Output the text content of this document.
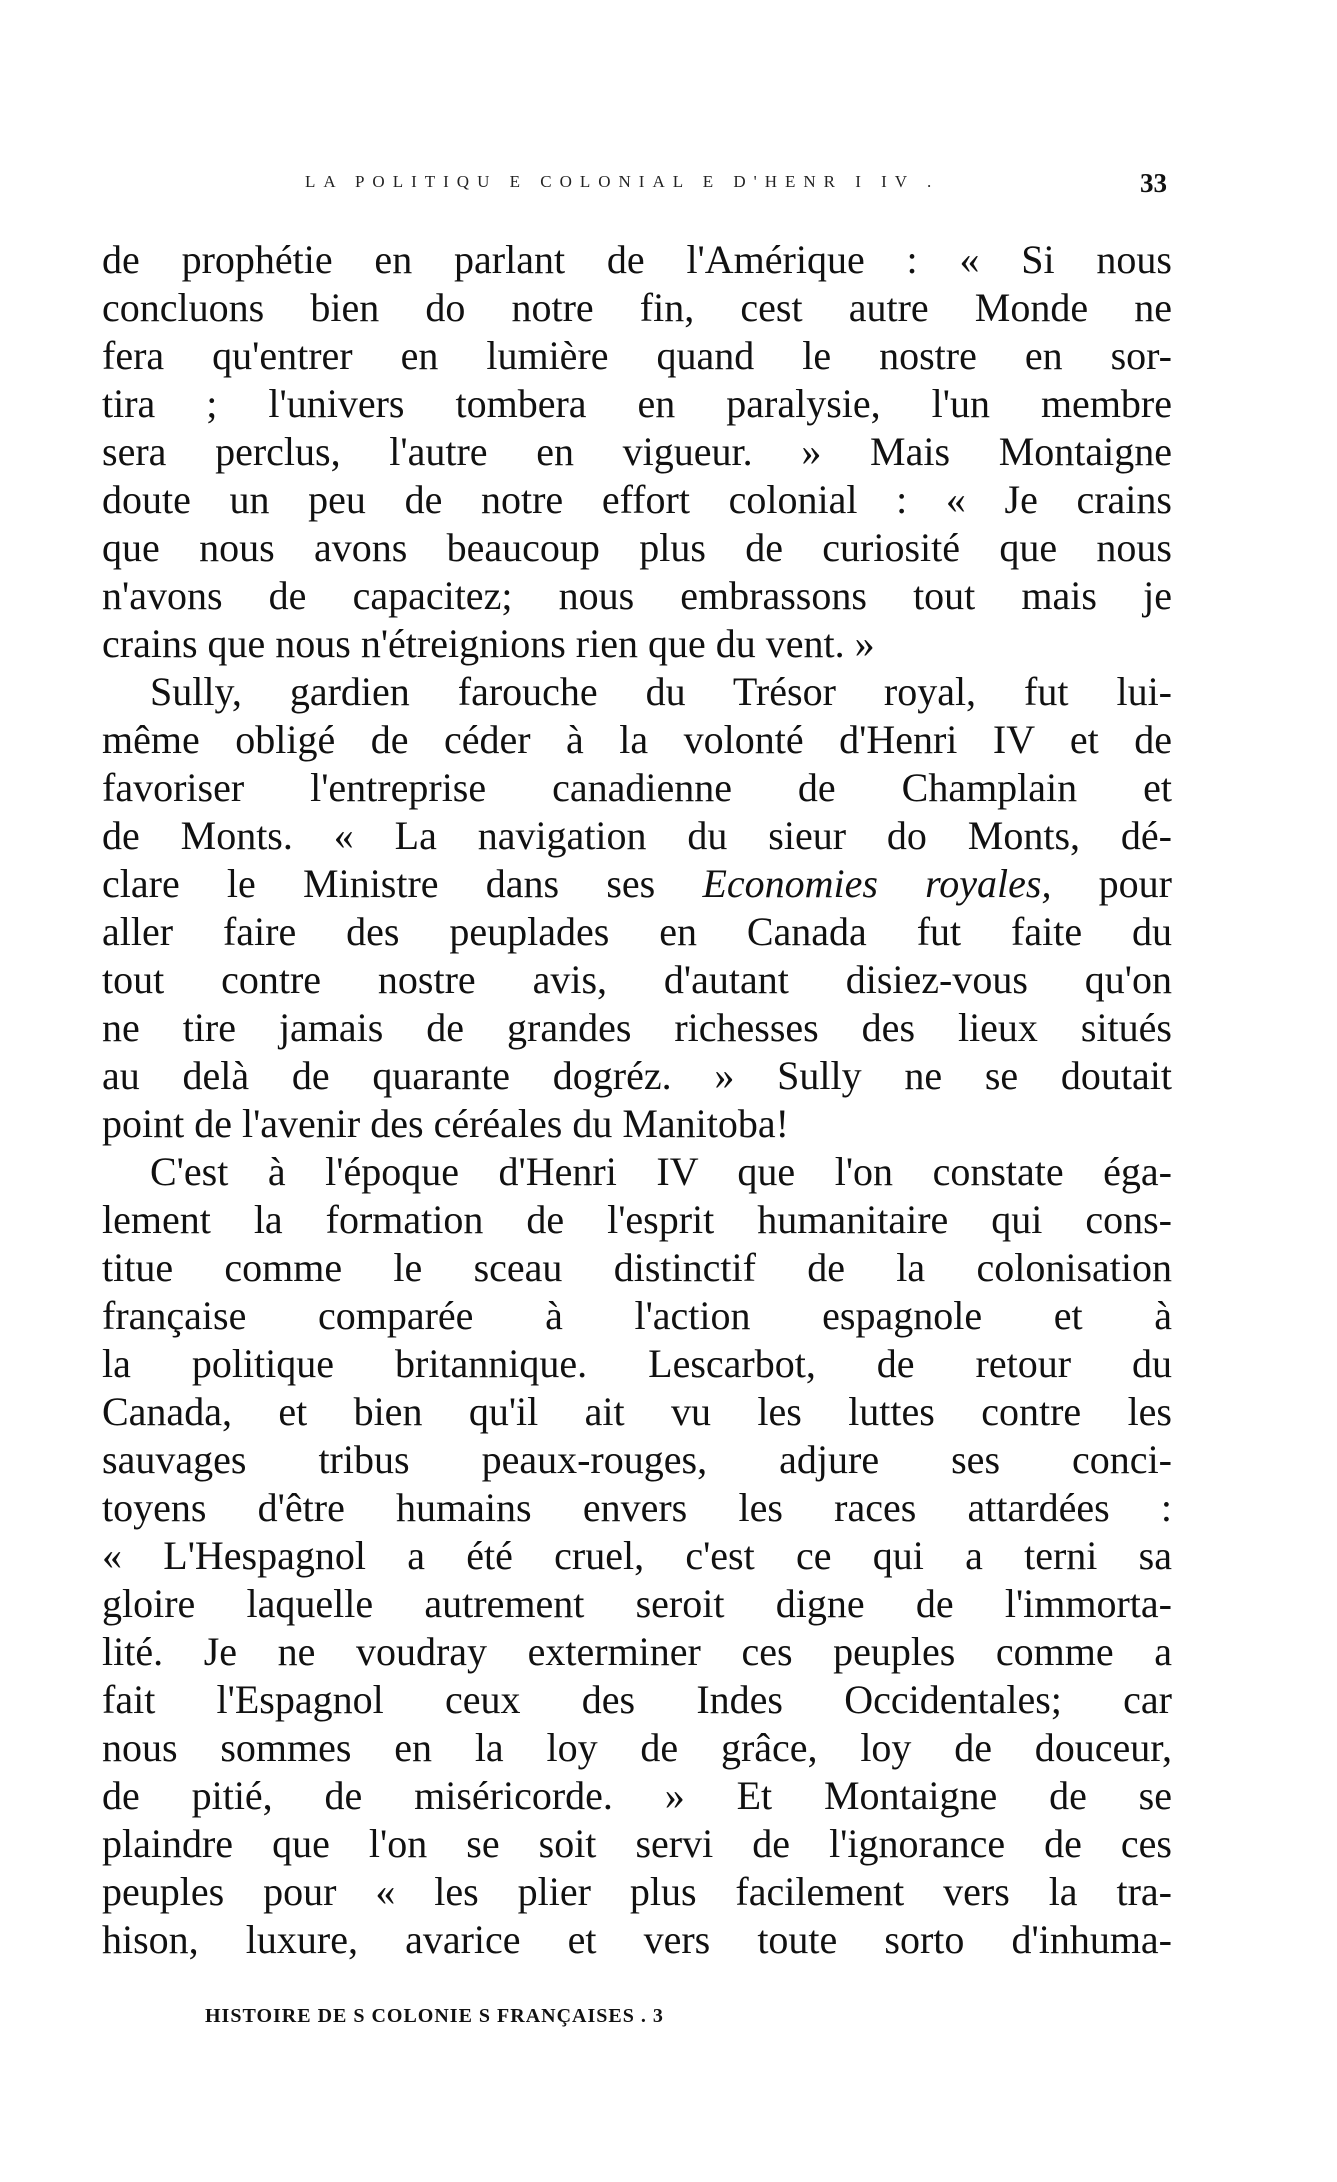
LA POLITIQU E COLONIAL E D'HENR I IV .	33
de prophétie en parlant de l'Amérique : « Si nous
concluons bien do notre fin, cest autre Monde ne
fera qu'entrer en lumière quand le nostre en sor-
tira ; l'univers tombera en paralysie, l'un membre
sera perclus, l'autre en vigueur. » Mais Montaigne
doute un peu de notre effort colonial : « Je crains
que nous avons beaucoup plus de curiosité que nous
n'avons de capacitez; nous embrassons tout mais je
crains que nous n'étreignions rien que du vent. »
Sully, gardien farouche du Trésor royal, fut lui-
même obligé de céder à la volonté d'Henri IV et de
favoriser l'entreprise canadienne de Champlain et
de Monts. « La navigation du sieur do Monts, dé-
clare le Ministre dans ses Economies royales, pour
aller faire des peuplades en Canada fut faite du
tout contre nostre avis, d'autant disiez-vous qu'on
ne tire jamais de grandes richesses des lieux situés
au delà de quarante dogréz. » Sully ne se doutait
point de l'avenir des céréales du Manitoba!
C'est à l'époque d'Henri IV que l'on constate éga-
lement la formation de l'esprit humanitaire qui cons-
titue comme le sceau distinctif de la colonisation
française comparée à l'action espagnole et à
la politique britannique. Lescarbot, de retour du
Canada, et bien qu'il ait vu les luttes contre les
sauvages tribus peaux-rouges, adjure ses conci-
toyens d'être humains envers les races attardées :
« L'Hespagnol a été cruel, c'est ce qui a terni sa
gloire laquelle autrement seroit digne de l'immorta-
lité. Je ne voudray exterminer ces peuples comme a
fait l'Espagnol ceux des Indes Occidentales; car
nous sommes en la loy de grâce, loy de douceur,
de pitié, de miséricorde. » Et Montaigne de se
plaindre que l'on se soit servi de l'ignorance de ces
peuples pour « les plier plus facilement vers la tra-
hison, luxure, avarice et vers toute sorto d'inhuma-
HISTOIRE DE S COLONIE S FRANÇAISES . 3
